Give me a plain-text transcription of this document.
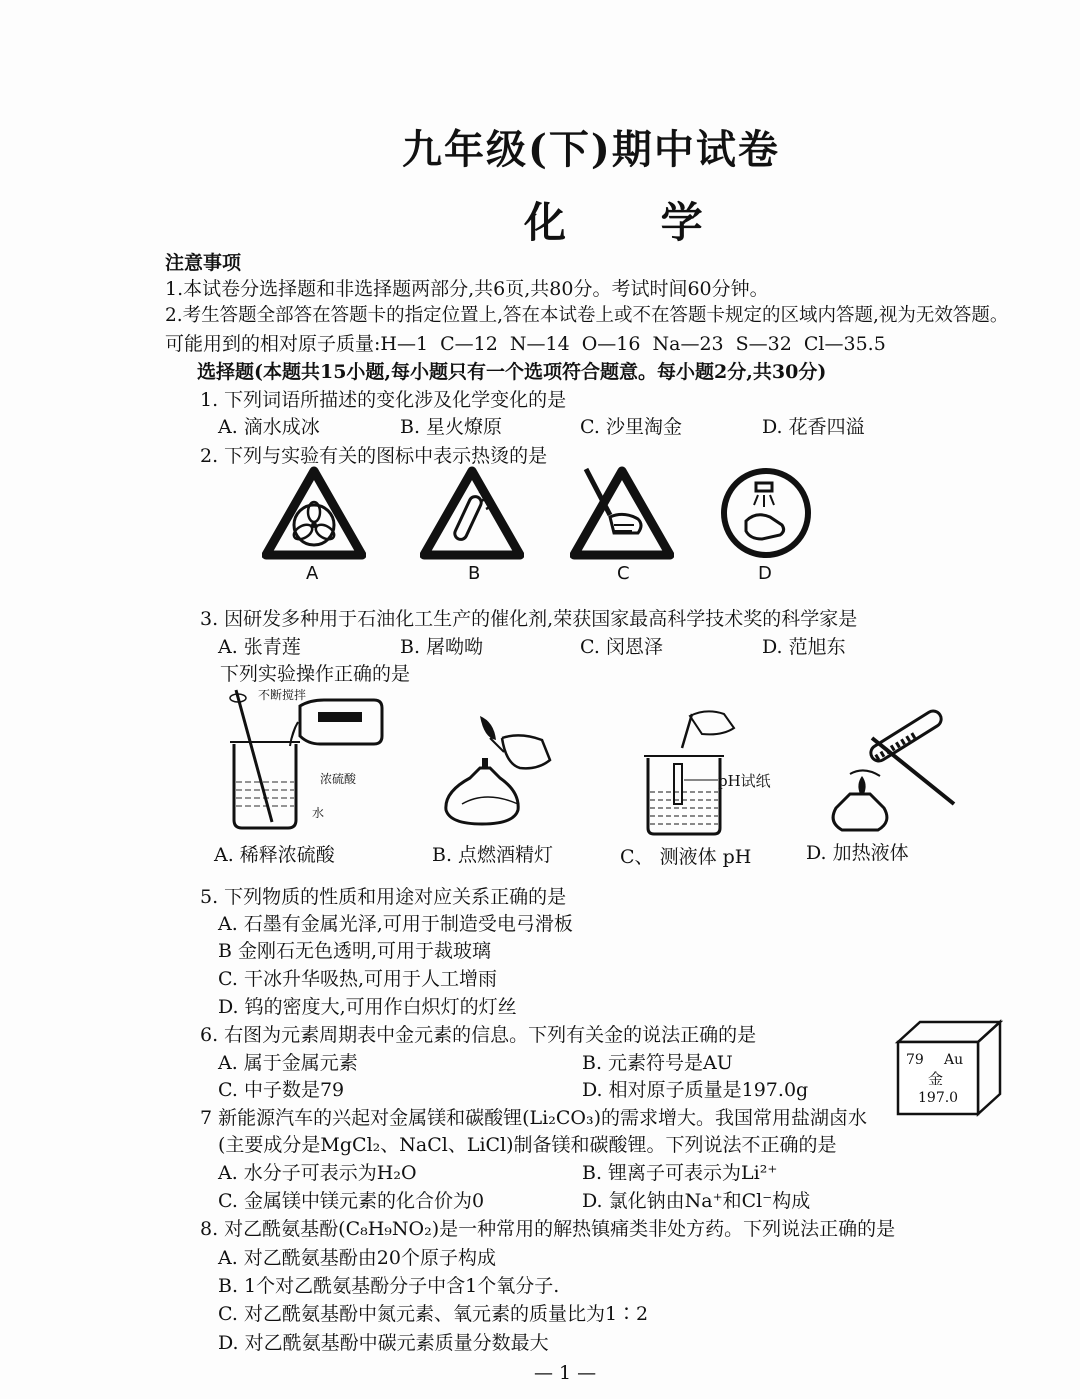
九年级(下)期中试卷
化 学
注意事项
1.本试卷分选择题和非选择题两部分,共6页,共80分。考试时间60分钟。
2.考生答题全部答在答题卡的指定位置上,答在本试卷上或不在答题卡规定的区域内答题,视为无效答题。
可能用到的相对原子质量:H—1 C—12 N—14 O—16 Na—23 S—32 Cl—35.5
选择题(本题共15小题,每小题只有一个选项符合题意。每小题2分,共30分)
1. 下列词语所描述的变化涉及化学变化的是
A. 滴水成冰	B. 星火燎原	C. 沙里淘金	D. 花香四溢
2. 下列与实验有关的图标中表示热烫的是
A	B	C	D
3. 因研发多种用于石油化工生产的催化剂,荣获国家最高科学技术奖的科学家是
A. 张青莲	B. 屠呦呦	C. 闵恩泽	D. 范旭东
下列实验操作正确的是
不断搅拌
浓硫酸
水
pH试纸
A. 稀释浓硫酸	B. 点燃酒精灯	C、 测液体 pH	D. 加热液体
5. 下列物质的性质和用途对应关系正确的是
A. 石墨有金属光泽,可用于制造受电弓滑板
B 金刚石无色透明,可用于裁玻璃
C. 干冰升华吸热,可用于人工增雨
D. 钨的密度大,可用作白炽灯的灯丝
6. 右图为元素周期表中金元素的信息。下列有关金的说法正确的是
A. 属于金属元素	B. 元素符号是AU
C. 中子数是79	D. 相对原子质量是197.0g
79 Au
金
197.0
7 新能源汽车的兴起对金属镁和碳酸锂(Li₂CO₃)的需求增大。我国常用盐湖卤水
(主要成分是MgCl₂、NaCl、LiCl)制备镁和碳酸锂。下列说法不正确的是
A. 水分子可表示为H₂O	B. 锂离子可表示为Li²⁺
C. 金属镁中镁元素的化合价为0	D. 氯化钠由Na⁺和Cl⁻构成
8. 对乙酰氨基酚(C₈H₉NO₂)是一种常用的解热镇痛类非处方药。下列说法正确的是
A. 对乙酰氨基酚由20个原子构成
B. 1个对乙酰氨基酚分子中含1个氧分子.
C. 对乙酰氨基酚中氮元素、氧元素的质量比为1∶2
D. 对乙酰氨基酚中碳元素质量分数最大
— 1 —
